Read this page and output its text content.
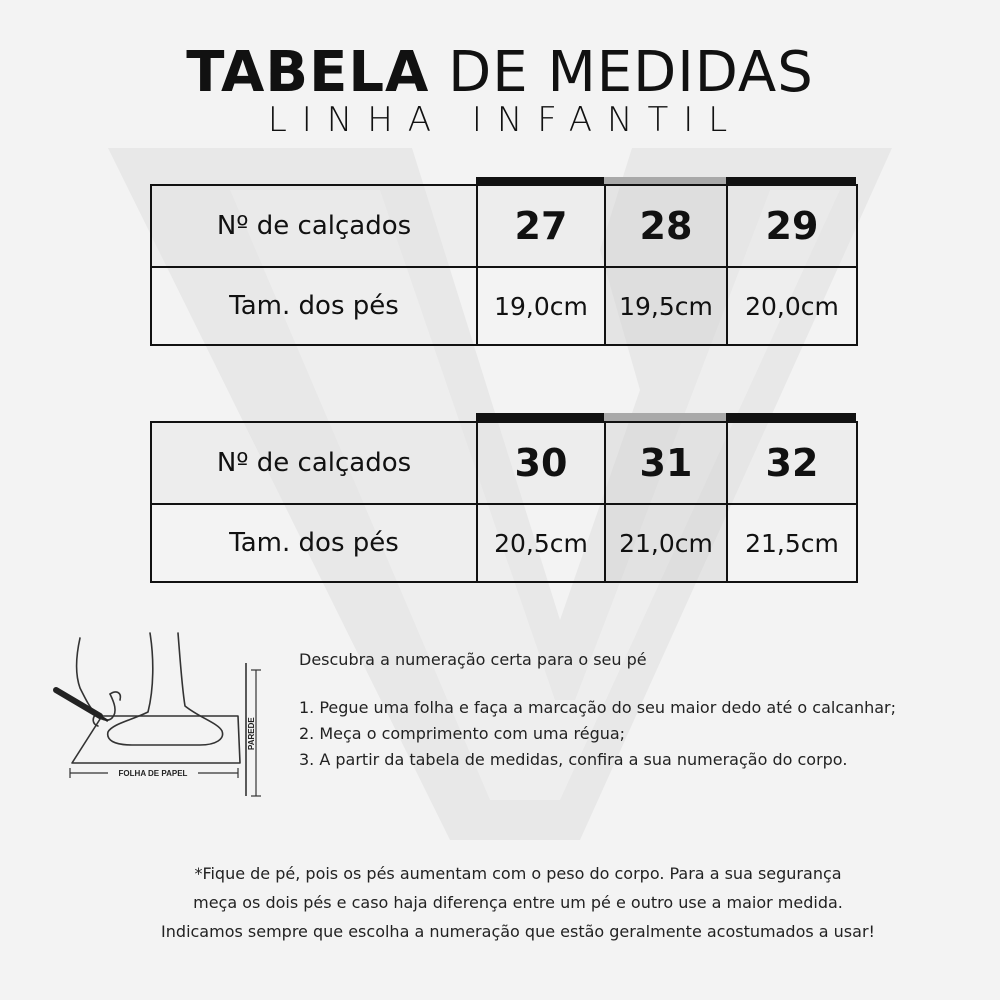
TABELA DE MEDIDAS
LINHA INFANTIL
Nº de calçados	27	28	29
Tam. dos pés	19,0cm	19,5cm	20,0cm
Nº de calçados	30	31	32
Tam. dos pés	20,5cm	21,0cm	21,5cm
PAREDE
FOLHA DE PAPEL

Descubra a numeração certa para o seu pé

1. Pegue uma folha e faça a marcação do seu maior dedo até o calcanhar;

2. Meça o comprimento com uma régua;

3. A partir da tabela de medidas, confira a sua numeração do corpo.

*Fique de pé, pois os pés aumentam com o peso do corpo. Para a sua segurança

meça os dois pés e caso haja diferença entre um pé e outro use a maior medida.

Indicamos sempre que escolha a numeração que estão geralmente acostumados a usar!
